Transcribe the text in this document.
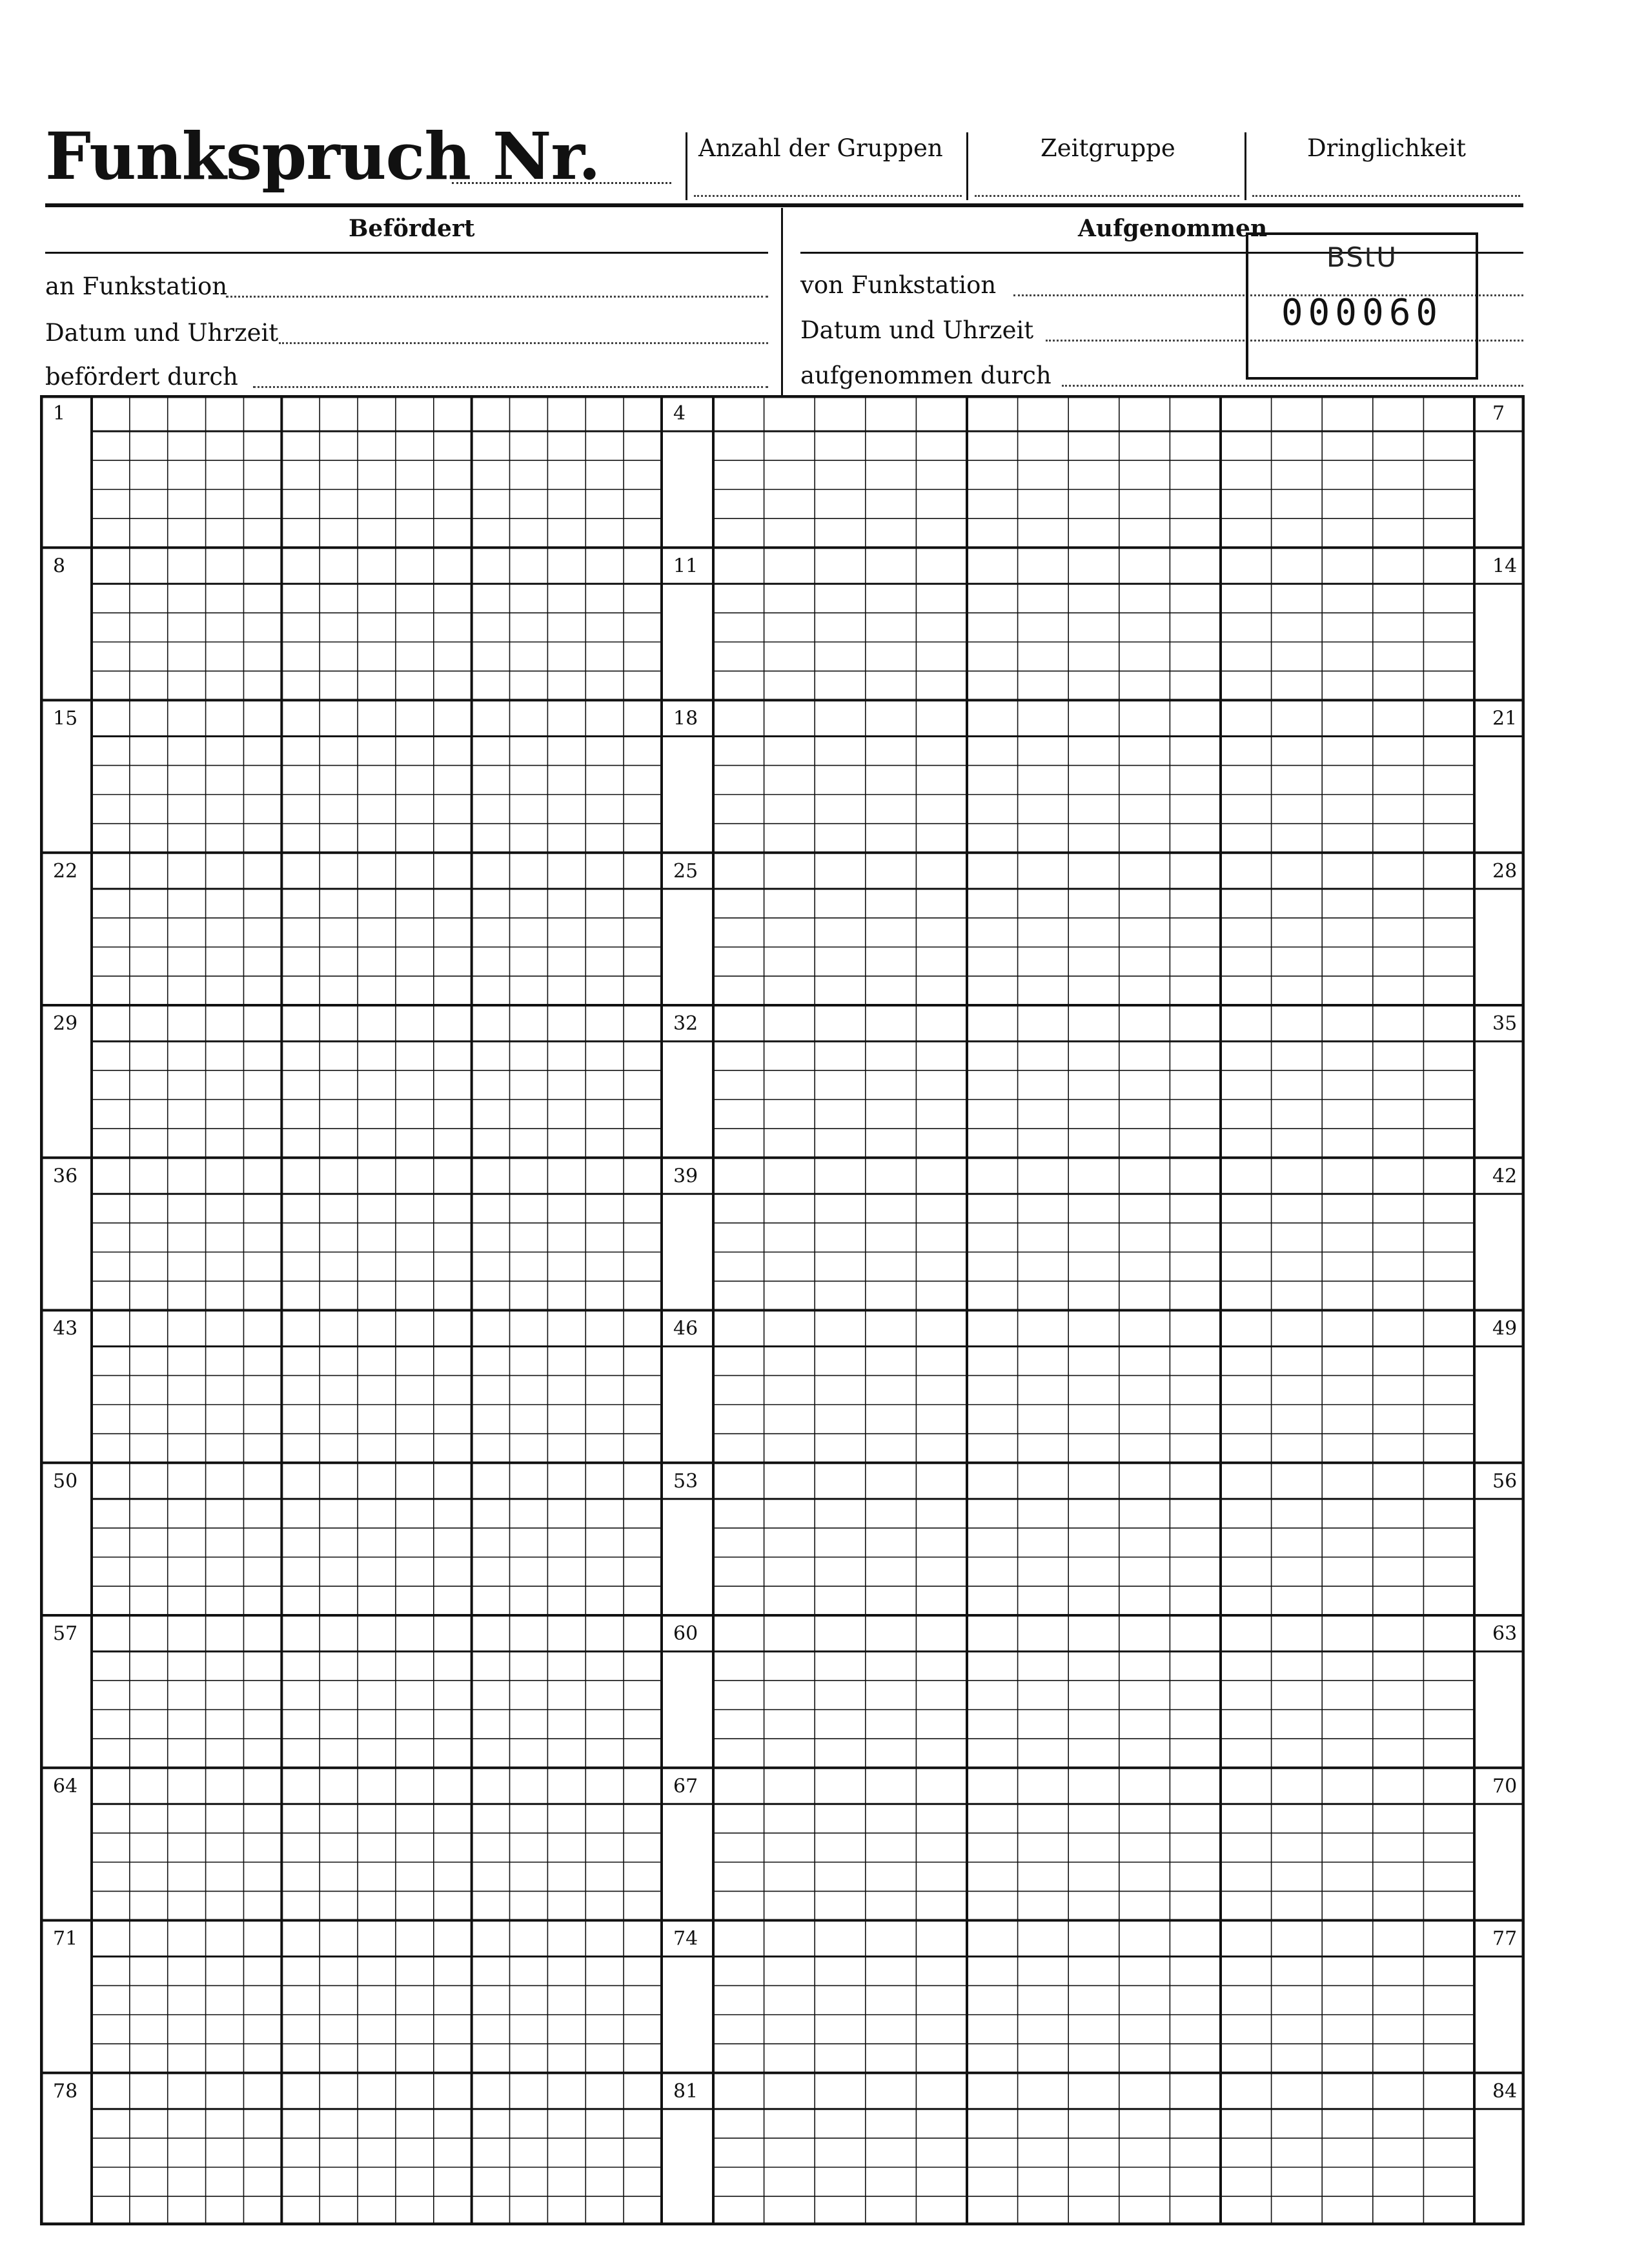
Funkspruch Nr.	Anzahl der Gruppen	Zeitgruppe	Dringlichkeit
Befördert	Aufgenommen
an Funkstation
Datum und Uhrzeit
befördert durch
von Funkstation
Datum und Uhrzeit
aufgenommen durch
BStU
000060
1	4	7
8	11	14
15	18	21
22	25	28
29	32	35
36	39	42
43	46	49
50	53	56
57	60	63
64	67	70
71	74	77
78	81	84
